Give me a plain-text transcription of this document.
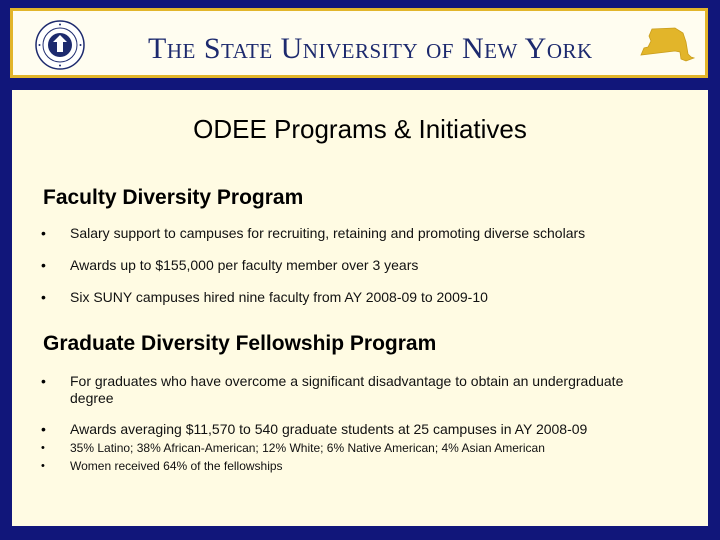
The State University of New York
ODEE Programs & Initiatives
Faculty Diversity Program
• Salary support to campuses for recruiting, retaining and promoting diverse scholars
• Awards up to $155,000 per faculty member over 3 years
• Six SUNY campuses hired nine faculty from AY 2008-09 to 2009-10
Graduate Diversity Fellowship Program
• For graduates who have overcome a significant disadvantage to obtain an undergraduate degree
• Awards averaging $11,570 to 540 graduate students at 25 campuses in AY 2008-09
• 35% Latino; 38% African-American; 12% White; 6% Native American; 4% Asian American
• Women received 64% of the fellowships
